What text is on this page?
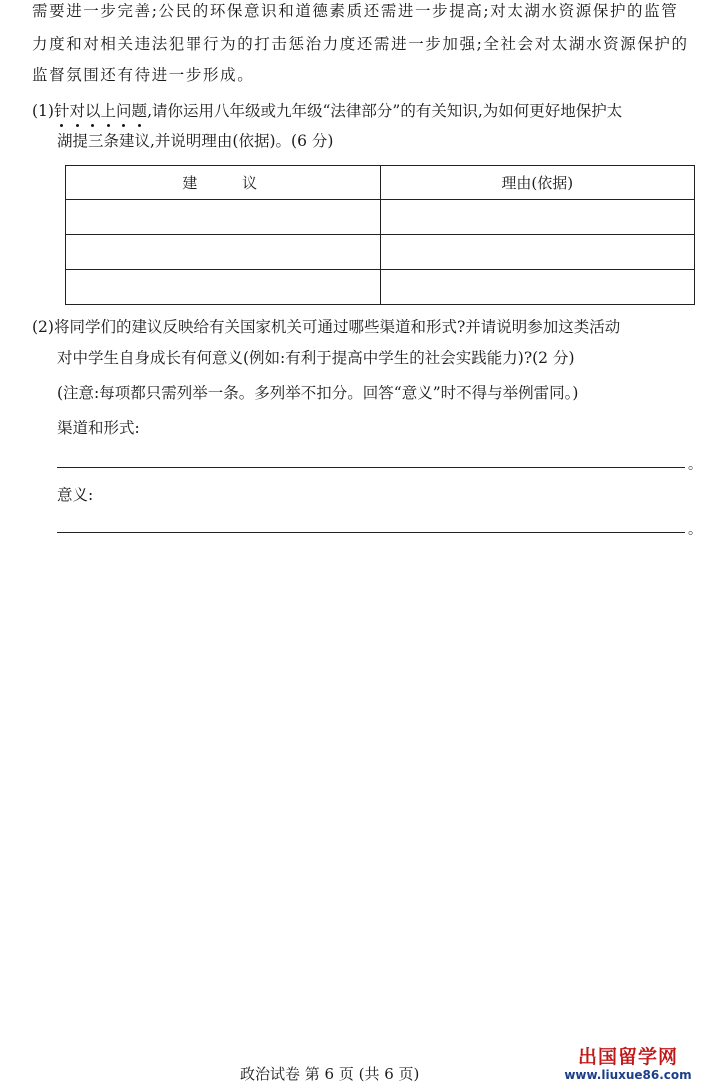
需要进一步完善;公民的环保意识和道德素质还需进一步提高;对太湖水资源保护的监管
力度和对相关违法犯罪行为的打击惩治力度还需进一步加强;全社会对太湖水资源保护的
监督氛围还有待进一步形成。
(1)针对以上问题,请你运用八年级或九年级“法律部分”的有关知识,为如何更好地保护太
湖提三条建议,并说明理由(依据)。(6 分)
建 议	理由(依据)

(2)将同学们的建议反映给有关国家机关可通过哪些渠道和形式?并请说明参加这类活动
对中学生自身成长有何意义(例如:有利于提高中学生的社会实践能力)?(2 分)
(注意:每项都只需列举一条。多列举不扣分。回答“意义”时不得与举例雷同。)
渠道和形式:
。
意义:
。
政治试卷 第 6 页 (共 6 页)
出国留学网
www.liuxue86.com
